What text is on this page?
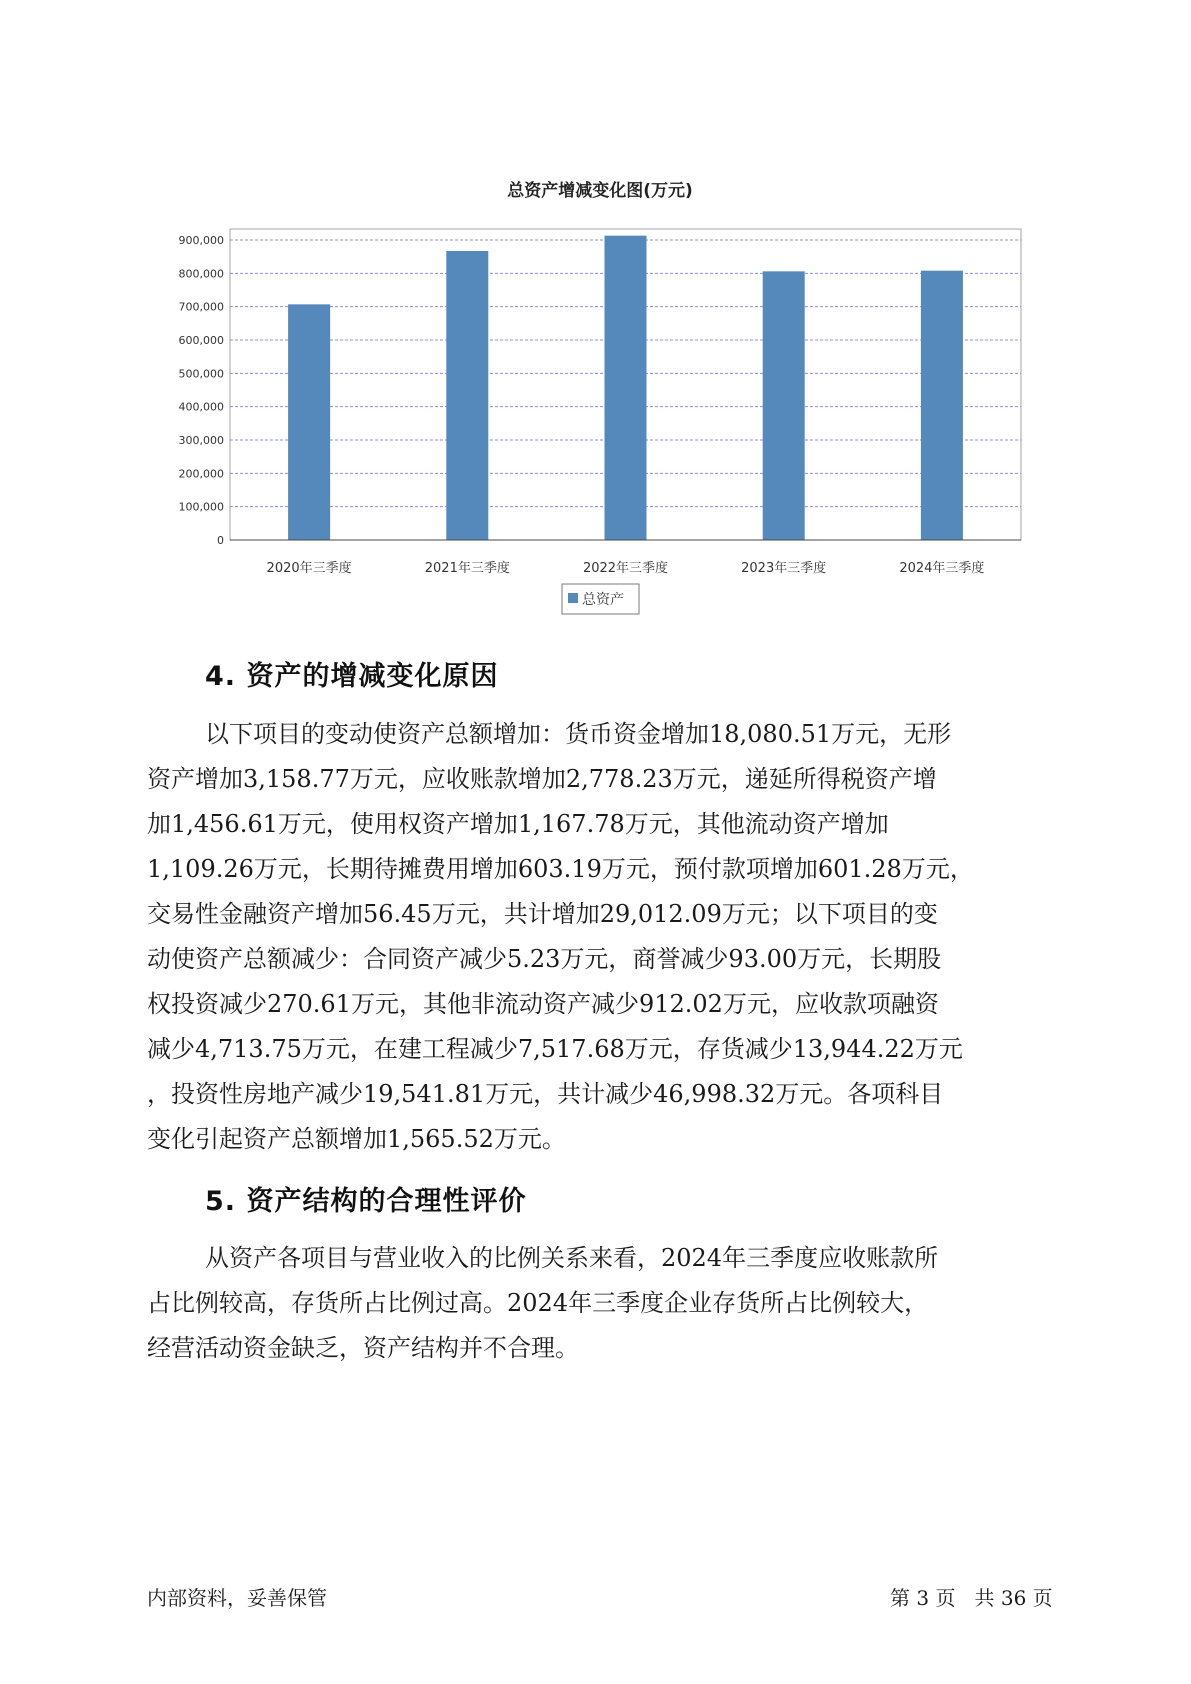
总资产增减变化图(万元)
0
100,000
200,000
300,000
400,000
500,000
600,000
700,000
800,000
900,000
2020年三季度	2021年三季度	2022年三季度	2023年三季度	2024年三季度
总资产
4. 资产的增减变化原因
以下项目的变动使资产总额增加：货币资金增加18,080.51万元，无形
资产增加3,158.77万元，应收账款增加2,778.23万元，递延所得税资产增
加1,456.61万元，使用权资产增加1,167.78万元，其他流动资产增加
1,109.26万元，长期待摊费用增加603.19万元，预付款项增加601.28万元，
交易性金融资产增加56.45万元，共计增加29,012.09万元；以下项目的变
动使资产总额减少：合同资产减少5.23万元，商誉减少93.00万元，长期股
权投资减少270.61万元，其他非流动资产减少912.02万元，应收款项融资
减少4,713.75万元，在建工程减少7,517.68万元，存货减少13,944.22万元
，投资性房地产减少19,541.81万元，共计减少46,998.32万元。各项科目
变化引起资产总额增加1,565.52万元。
5. 资产结构的合理性评价
从资产各项目与营业收入的比例关系来看，2024年三季度应收账款所
占比例较高，存货所占比例过高。2024年三季度企业存货所占比例较大，
经营活动资金缺乏，资产结构并不合理。
内部资料，妥善保管	第 3 页   共 36 页
